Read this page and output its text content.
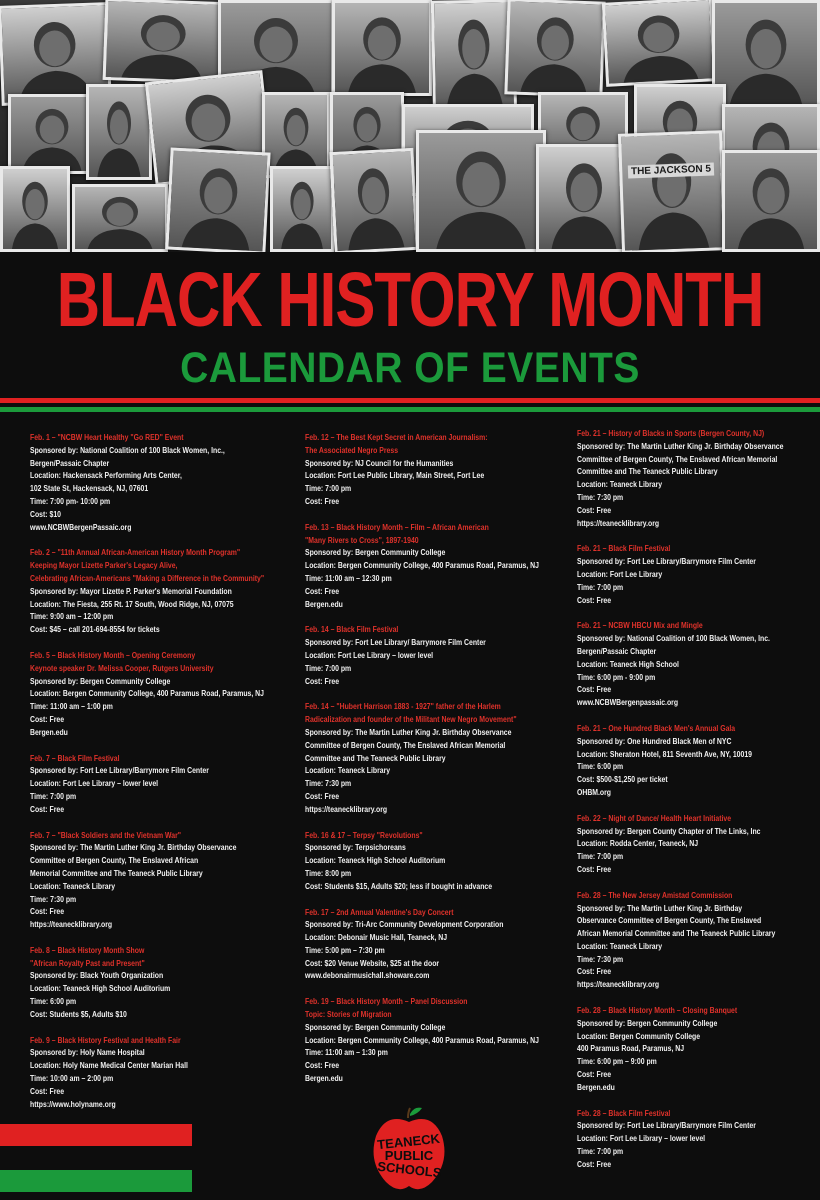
THE JACKSON 5
BLACK HISTORY MONTH
CALENDAR OF EVENTS
Feb. 1 – "NCBW Heart Healthy "Go RED" Event
Sponsored by: National Coalition of 100 Black Women, Inc.,
Bergen/Passaic Chapter
Location: Hackensack Performing Arts Center,
102 State St, Hackensack, NJ, 07601
Time: 7:00 pm- 10:00 pm
Cost: $10
www.NCBWBergenPassaic.org
Feb. 2 – "11th Annual African-American History Month Program"
Keeping Mayor Lizette Parker's Legacy Alive,
Celebrating African-Americans "Making a Difference in the Community"
Sponsored by: Mayor Lizette P. Parker's Memorial Foundation
Location: The Fiesta, 255 Rt. 17 South, Wood Ridge, NJ, 07075
Time: 9:00 am – 12:00 pm
Cost: $45 – call 201-694-8554 for tickets
Feb. 5 – Black History Month – Opening Ceremony
Keynote speaker Dr. Melissa Cooper, Rutgers University
Sponsored by: Bergen Community College
Location: Bergen Community College, 400 Paramus Road, Paramus, NJ
Time: 11:00 am – 1:00 pm
Cost: Free
Bergen.edu
Feb. 7 – Black Film Festival
Sponsored by: Fort Lee Library/Barrymore Film Center
Location: Fort Lee Library – lower level
Time: 7:00 pm
Cost: Free
Feb. 7 – "Black Soldiers and the Vietnam War"
Sponsored by: The Martin Luther King Jr. Birthday Observance
Committee of Bergen County, The Enslaved African
Memorial Committee and The Teaneck Public Library
Location: Teaneck Library
Time: 7:30 pm
Cost: Free
https://teanecklibrary.org
Feb. 8 – Black History Month Show
"African Royalty Past and Present"
Sponsored by: Black Youth Organization
Location: Teaneck High School Auditorium
Time: 6:00 pm
Cost: Students $5, Adults $10
Feb. 9 – Black History Festival and Health Fair
Sponsored by: Holy Name Hospital
Location: Holy Name Medical Center Marian Hall
Time: 10:00 am – 2:00 pm
Cost: Free
https://www.holyname.org
Feb. 12 – The Best Kept Secret in American Journalism:
The Associated Negro Press
Sponsored by: NJ Council for the Humanities
Location: Fort Lee Public Library, Main Street, Fort Lee
Time: 7:00 pm
Cost: Free
Feb. 13 – Black History Month – Film – African American
"Many Rivers to Cross", 1897-1940
Sponsored by: Bergen Community College
Location: Bergen Community College, 400 Paramus Road, Paramus, NJ
Time: 11:00 am – 12:30 pm
Cost: Free
Bergen.edu
Feb. 14 – Black Film Festival
Sponsored by: Fort Lee Library/ Barrymore Film Center
Location: Fort Lee Library – lower level
Time: 7:00 pm
Cost: Free
Feb. 14 – "Hubert Harrison 1883 - 1927" father of the Harlem
Radicalization and founder of the Militant New Negro Movement"
Sponsored by: The Martin Luther King Jr. Birthday Observance
Committee of Bergen County, The Enslaved African Memorial
Committee and The Teaneck Public Library
Location: Teaneck Library
Time: 7:30 pm
Cost: Free
https://teanecklibrary.org
Feb. 16 & 17 – Terpsy "Revolutions"
Sponsored by: Terpsichoreans
Location: Teaneck High School Auditorium
Time: 8:00 pm
Cost: Students $15, Adults $20; less if bought in advance
Feb. 17 – 2nd Annual Valentine's Day Concert
Sponsored by: Tri-Arc Community Development Corporation
Location: Debonair Music Hall, Teaneck, NJ
Time: 5:00 pm – 7:30 pm
Cost: $20 Venue Website, $25 at the door
www.debonairmusichall.showare.com
Feb. 19 – Black History Month – Panel Discussion
Topic: Stories of Migration
Sponsored by: Bergen Community College
Location: Bergen Community College, 400 Paramus Road, Paramus, NJ
Time: 11:00 am – 1:30 pm
Cost: Free
Bergen.edu
Feb. 21 – History of Blacks in Sports (Bergen County, NJ)
Sponsored by: The Martin Luther King Jr. Birthday Observance
Committee of Bergen County, The Enslaved African Memorial
Committee and The Teaneck Public Library
Location: Teaneck Library
Time: 7:30 pm
Cost: Free
https://teanecklibrary.org
Feb. 21 – Black Film Festival
Sponsored by: Fort Lee Library/Barrymore Film Center
Location: Fort Lee Library
Time: 7:00 pm
Cost: Free
Feb. 21 – NCBW HBCU Mix and Mingle
Sponsored by: National Coalition of 100 Black Women, Inc.
Bergen/Passaic Chapter
Location: Teaneck High School
Time: 6:00 pm - 9:00 pm
Cost: Free
www.NCBWBergenpassaic.org
Feb. 21 – One Hundred Black Men's Annual Gala
Sponsored by: One Hundred Black Men of NYC
Location: Sheraton Hotel, 811 Seventh Ave, NY, 10019
Time: 6:00 pm
Cost: $500-$1,250 per ticket
OHBM.org
Feb. 22 – Night of Dance/ Health Heart Initiative
Sponsored by: Bergen County Chapter of The Links, Inc
Location: Rodda Center, Teaneck, NJ
Time: 7:00 pm
Cost: Free
Feb. 28 – The New Jersey Amistad Commission
Sponsored by: The Martin Luther King Jr. Birthday
Observance Committee of Bergen County, The Enslaved
African Memorial Committee and The Teaneck Public Library
Location: Teaneck Library
Time: 7:30 pm
Cost: Free
https://teanecklibrary.org
Feb. 28 – Black History Month – Closing Banquet
Sponsored by: Bergen Community College
Location: Bergen Community College
400 Paramus Road, Paramus, NJ
Time: 6:00 pm – 9:00 pm
Cost: Free
Bergen.edu
Feb. 28 – Black Film Festival
Sponsored by: Fort Lee Library/Barrymore Film Center
Location: Fort Lee Library – lower level
Time: 7:00 pm
Cost: Free
TEANECK
PUBLIC
SCHOOLS
